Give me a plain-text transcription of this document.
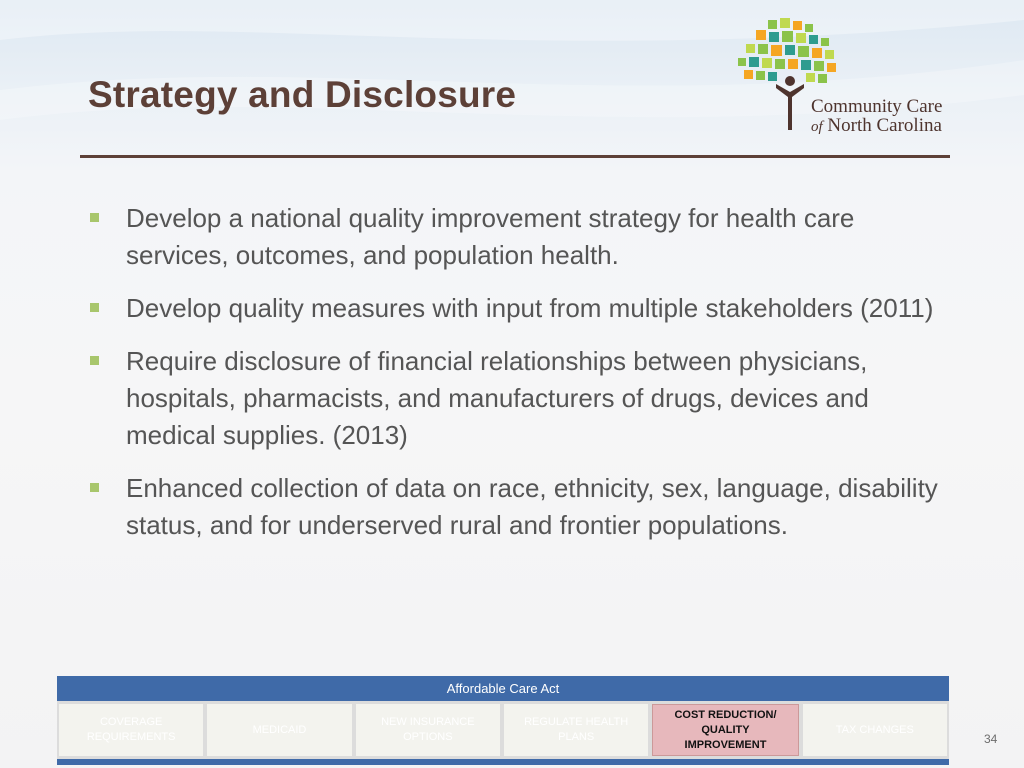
Strategy and Disclosure	Community Care
of North Carolina
Develop a national quality improvement strategy for health care services, outcomes, and population health.
Develop quality measures with input from multiple stakeholders (2011)
Require disclosure of financial relationships between physicians, hospitals, pharmacists, and manufacturers of drugs, devices and medical supplies. (2013)
Enhanced collection of data on race, ethnicity, sex, language, disability status, and for underserved rural and frontier populations.
Affordable Care Act
COVERAGE REQUIREMENTS
MEDICAID
NEW INSURANCE OPTIONS
REGULATE HEALTH PLANS
COST REDUCTION/ QUALITY IMPROVEMENT
TAX CHANGES
34
